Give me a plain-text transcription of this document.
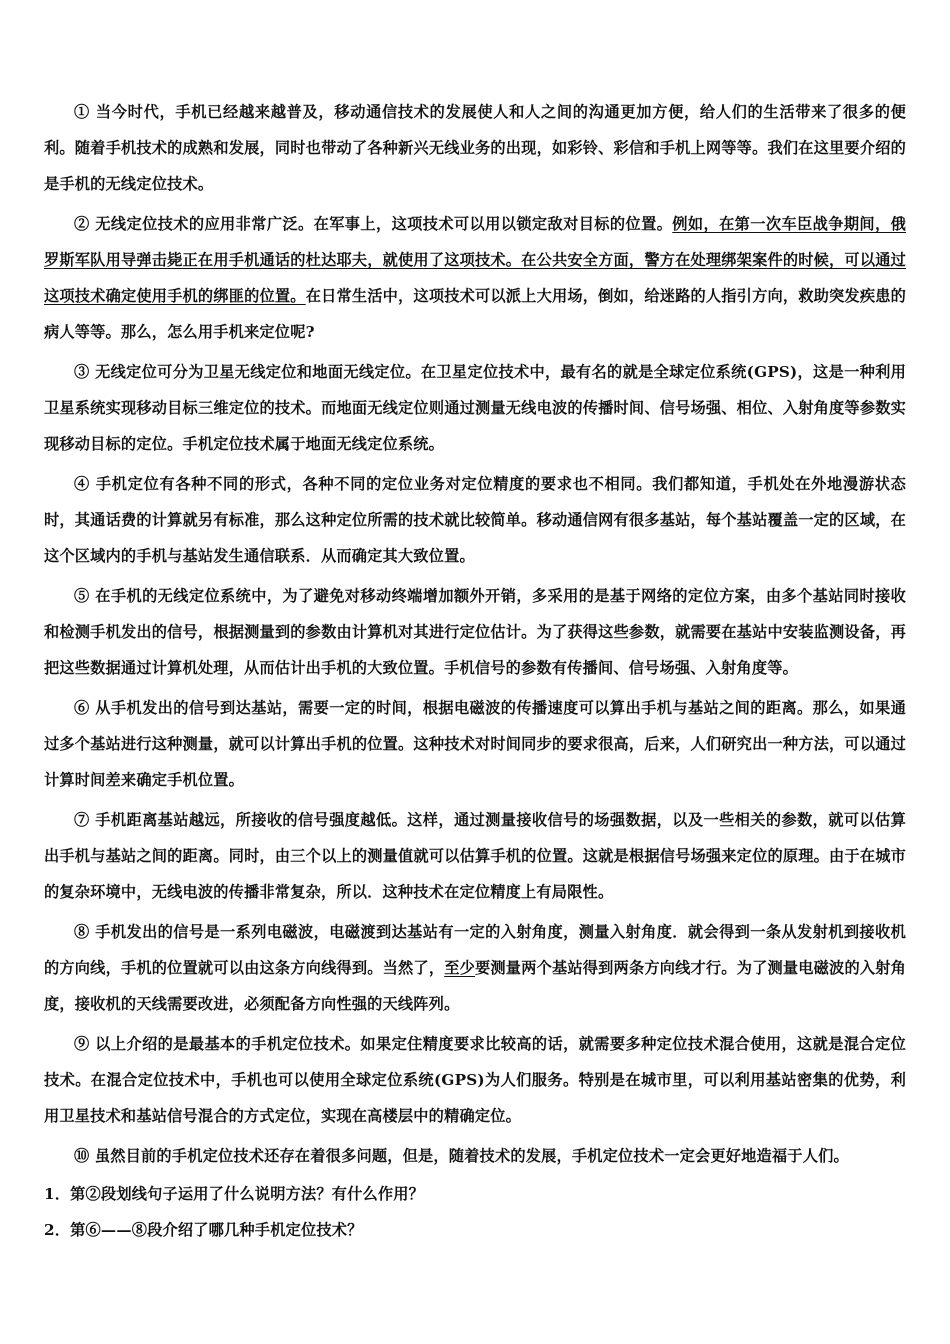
① 当今时代，手机已经越来越普及，移动通信技术的发展使人和人之间的沟通更加方便，给人们的生活带来了很多的便利。随着手机技术的成熟和发展，同时也带动了各种新兴无线业务的出现，如彩铃、彩信和手机上网等等。我们在这里要介绍的是手机的无线定位技术。

② 无线定位技术的应用非常广泛。在军事上，这项技术可以用以锁定敌对目标的位置。例如，在第一次车臣战争期间，俄罗斯军队用导弹击毙正在用手机通话的杜达耶夫，就使用了这项技术。在公共安全方面，警方在处理绑架案件的时候，可以通过这项技术确定使用手机的绑匪的位置。在日常生活中，这项技术可以派上大用场，倒如，给迷路的人指引方向，救助突发疾患的病人等等。那么，怎么用手机来定位呢?

③ 无线定位可分为卫星无线定位和地面无线定位。在卫星定位技术中，最有名的就是全球定位系统(GPS)，这是一种利用卫星系统实现移动目标三维定位的技术。而地面无线定位则通过测量无线电波的传播时间、信号场强、相位、入射角度等参数实现移动目标的定位。手机定位技术属于地面无线定位系统。

④ 手机定位有各种不同的形式，各种不同的定位业务对定位精度的要求也不相同。我们都知道，手机处在外地漫游状态时，其通话费的计算就另有标准，那么这种定位所需的技术就比较简单。移动通信网有很多基站，每个基站覆盖一定的区域，在这个区域内的手机与基站发生通信联系．从而确定其大致位置。

⑤ 在手机的无线定位系统中，为了避免对移动终端增加额外开销，多采用的是基于网络的定位方案，由多个基站同时接收和检测手机发出的信号，根据测量到的参数由计算机对其进行定位估计。为了获得这些参数，就需要在基站中安装监测设备，再把这些数据通过计算机处理，从而估计出手机的大致位置。手机信号的参数有传播间、信号场强、入射角度等。

⑥ 从手机发出的信号到达基站，需要一定的时间，根据电磁波的传播速度可以算出手机与基站之间的距离。那么，如果通过多个基站进行这种测量，就可以计算出手机的位置。这种技术对时间同步的要求很高，后来，人们研究出一种方法，可以通过计算时间差来确定手机位置。

⑦ 手机距离基站越远，所接收的信号强度越低。这样，通过测量接收信号的场强数据，以及一些相关的参数，就可以估算出手机与基站之间的距离。同时，由三个以上的测量值就可以估算手机的位置。这就是根据信号场强来定位的原理。由于在城市的复杂环境中，无线电波的传播非常复杂，所以．这种技术在定位精度上有局限性。

⑧ 手机发出的信号是一系列电磁波，电磁渡到达基站有一定的入射角度，测量入射角度．就会得到一条从发射机到接收机的方向线，手机的位置就可以由这条方向线得到。当然了，至少要测量两个基站得到两条方向线才行。为了测量电磁波的入射角度，接收机的天线需要改进，必须配备方向性强的天线阵列。

⑨ 以上介绍的是最基本的手机定位技术。如果定住精度要求比较高的话，就需要多种定位技术混合使用，这就是混合定位技术。在混合定位技术中，手机也可以使用全球定位系统(GPS)为人们服务。特别是在城市里，可以利用基站密集的优势，利用卫星技术和基站信号混合的方式定位，实现在高楼层中的精确定位。

⑩ 虽然目前的手机定位技术还存在着很多问题，但是，随着技术的发展，手机定位技术一定会更好地造福于人们。

1．第②段划线句子运用了什么说明方法？有什么作用？

2．第⑥——⑧段介绍了哪几种手机定位技术？
